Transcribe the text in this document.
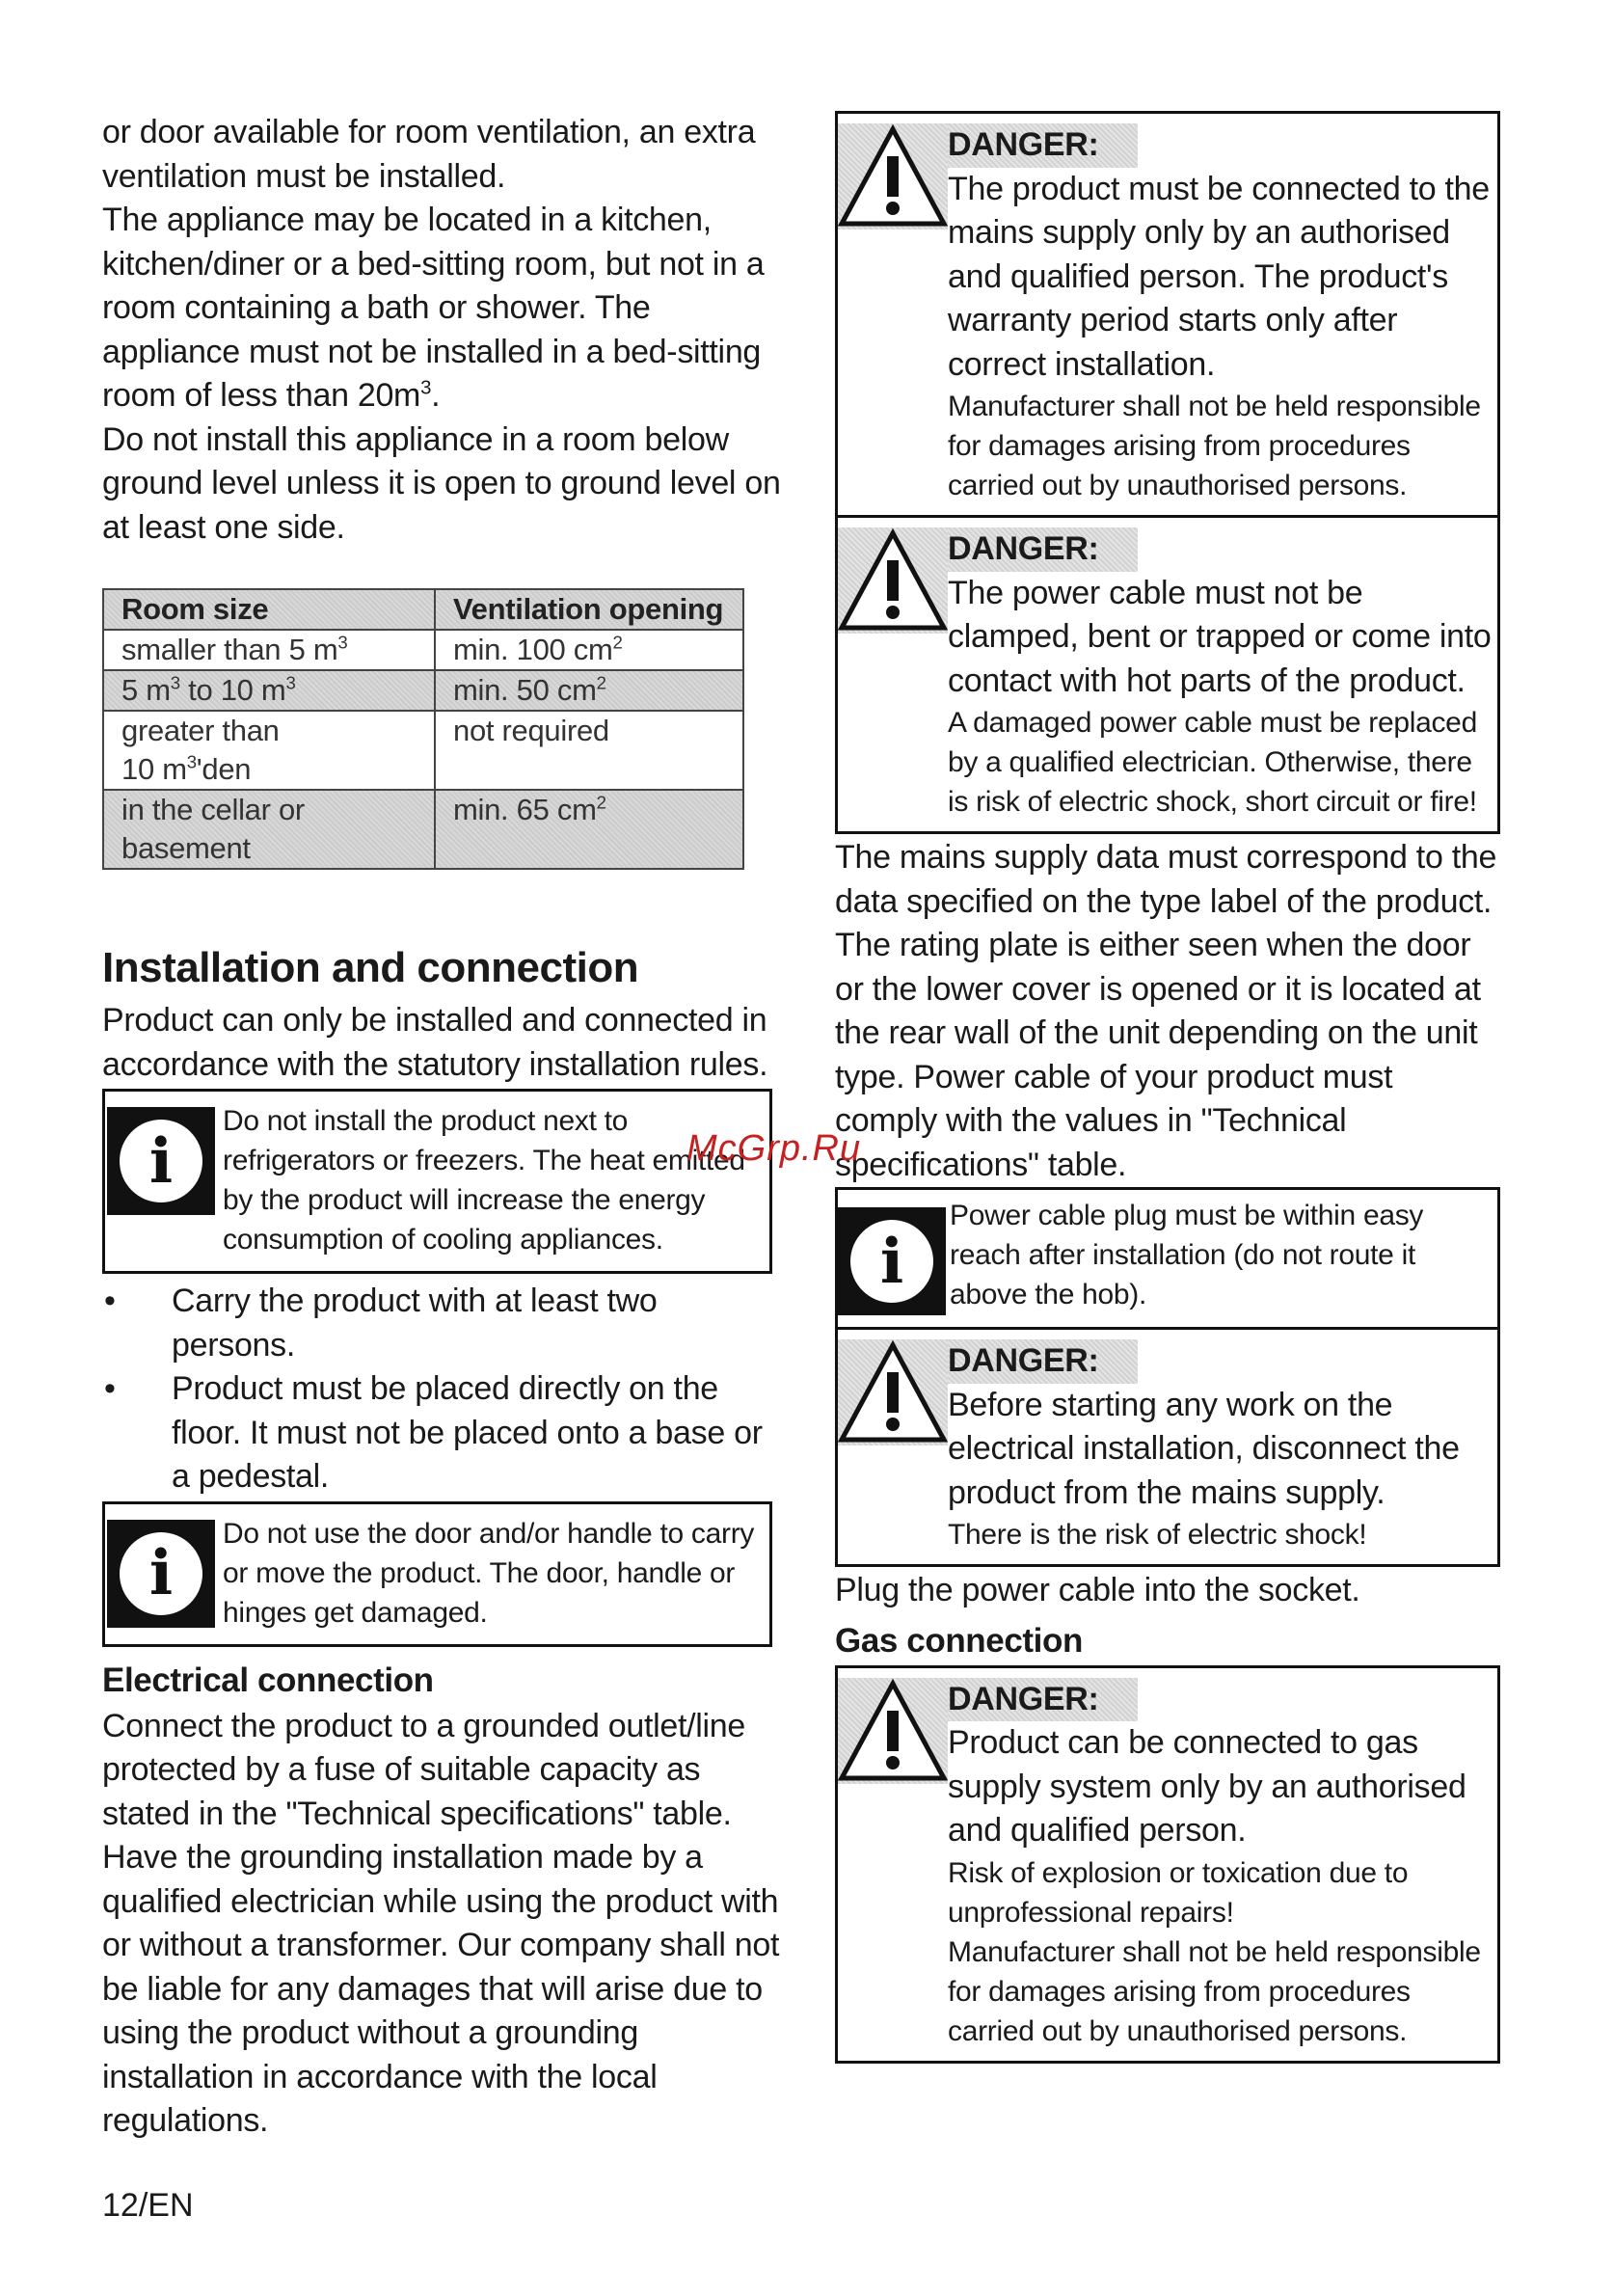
or door available for room ventilation, an extra ventilation must be installed.

The appliance may be located in a kitchen, kitchen/diner or a bed-sitting room, but not in a room containing a bath or shower. The appliance must not be installed in a bed-sitting room of less than $20m^3$.

Do not install this appliance in a room below ground level unless it is open to ground level on at least one side.

Room size	Ventilation opening
smaller than 5 $m^3$	min. 100 $cm^2$
5 $m^3$ to 10 $m^3$	min. 50 $cm^2$
greater than
10 $m^3'den$	not required
in the cellar or
basement	min. 65 $cm^2$
Installation and connection

Product can only be installed and connected in accordance with the statutory installation rules.

i

Do not install the product next to refrigerators or freezers. The heat emitted by the product will increase the energy consumption of cooling appliances.

• Carry the product with at least two persons.
• Product must be placed directly on the floor. It must not be placed onto a base or a pedestal.
i

Do not use the door and/or handle to carry or move the product. The door, handle or hinges get damaged.

Electrical connection

Connect the product to a grounded outlet/line protected by a fuse of suitable capacity as stated in the "Technical specifications" table. Have the grounding installation made by a qualified electrician while using the product with or without a transformer. Our company shall not be liable for any damages that will arise due to using the product without a grounding installation in accordance with the local regulations.

DANGER:

The product must be connected to the mains supply only by an authorised and qualified person. The product's warranty period starts only after correct installation.

Manufacturer shall not be held responsible for damages arising from procedures carried out by unauthorised persons.

DANGER:

The power cable must not be clamped, bent or trapped or come into contact with hot parts of the product.

A damaged power cable must be replaced by a qualified electrician. Otherwise, there is risk of electric shock, short circuit or fire!

The mains supply data must correspond to the data specified on the type label of the product. The rating plate is either seen when the door or the lower cover is opened or it is located at the rear wall of the unit depending on the unit type. Power cable of your product must comply with the values in "Technical specifications" table.

i

Power cable plug must be within easy reach after installation (do not route it above the hob).

DANGER:

Before starting any work on the electrical installation, disconnect the product from the mains supply.

There is the risk of electric shock!

Plug the power cable into the socket.

Gas connection
DANGER:

Product can be connected to gas supply system only by an authorised and qualified person.

Risk of explosion or toxication due to unprofessional repairs!

Manufacturer shall not be held responsible for damages arising from procedures carried out by unauthorised persons.

McGrp.Ru
12/EN
